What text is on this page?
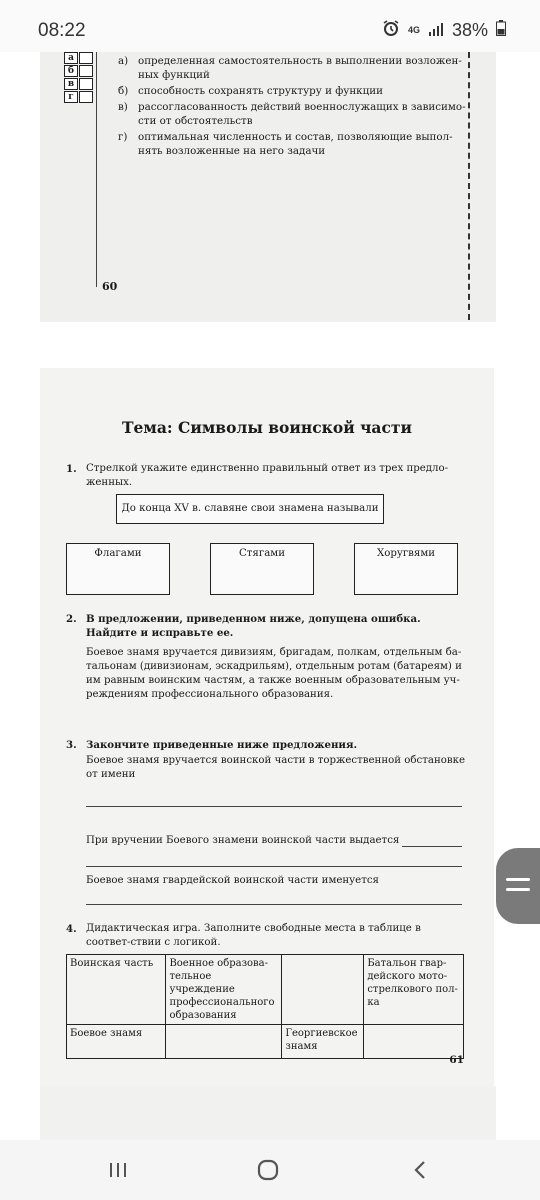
08:22	4G 38%
а
б
в
г
а) определенная самостоятельность в выполнении возложен-ных функций
б) способность сохранять структуру и функции
в) рассогласованность действий военнослужащих в зависимо-сти от обстоятельств
г)	оптимальная численность и состав, позволяющие выпол-нять возложенные на него задачи
60
Тема: Символы воинской части
1. Стрелкой укажите единственно правильный ответ из трех предло-женных.
До конца XV в. славяне свои знамена называли
Флагами	Стягами	Хоругвями
2. В предложении, приведенном ниже, допущена ошибка. Найдите и исправьте ее.
Боевое знамя вручается дивизиям, бригадам, полкам, отдельным ба-тальонам (дивизионам, эскадрильям), отдельным ротам (батареям) и им равным воинским частям, а также военным образовательным уч-реждениям профессионального образования.
3. Закончите приведенные ниже предложения.
Боевое знамя вручается воинской части в торжественной обстановке от имени
При вручении Боевого знамени воинской части выдается
Боевое знамя гвардейской воинской части именуется
4. Дидактическая игра. Заполните свободные места в таблице в соответ-ствии с логикой.
Воинская часть	Военное образова-тельное учреждение профессионального образования		Батальон гвар-дейского мото-стрелкового пол-ка
Боевое знамя		Георгиевское знамя	
61
